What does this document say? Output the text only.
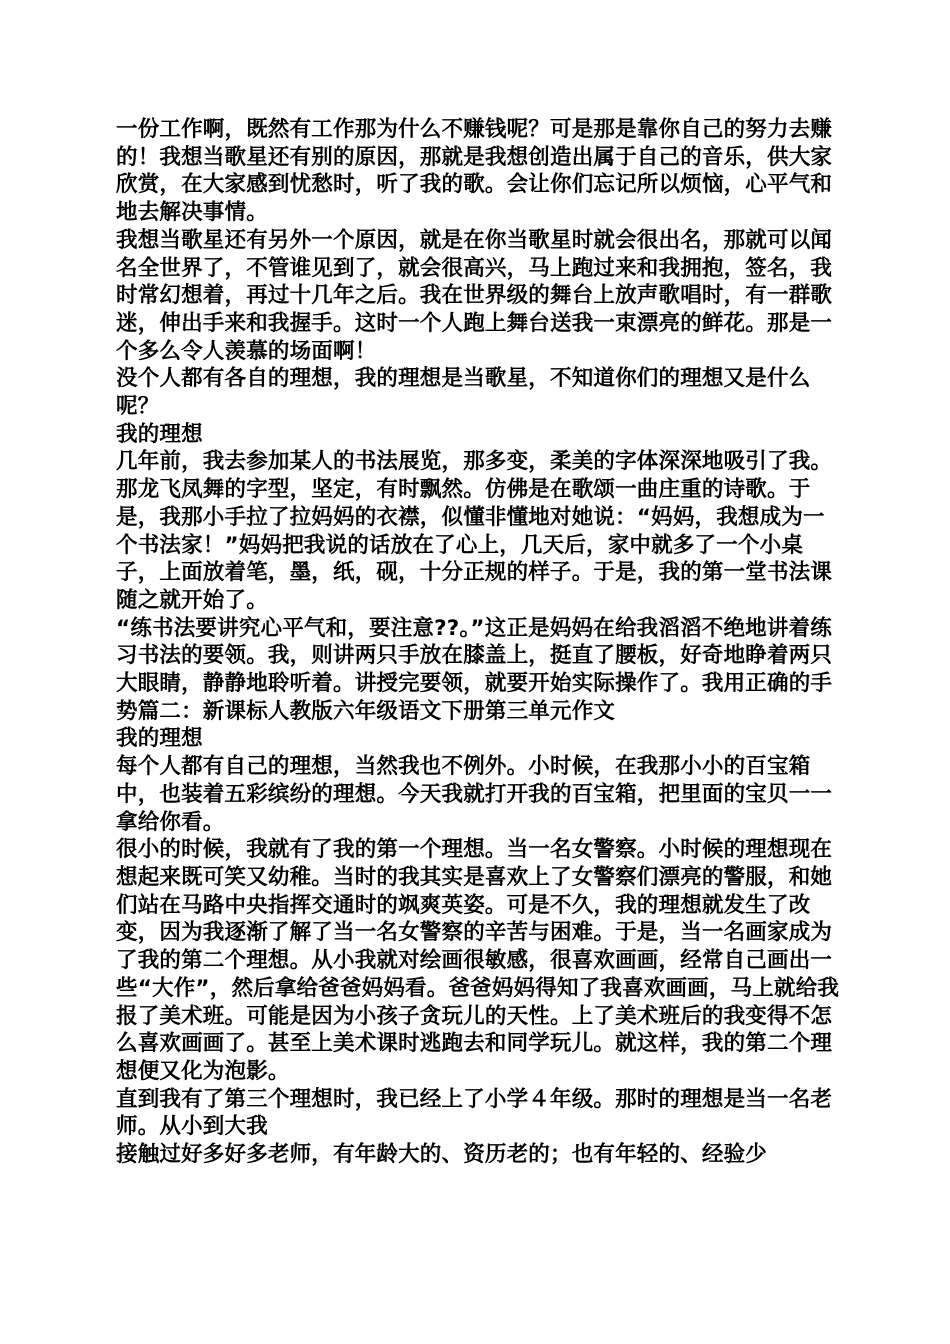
一份工作啊，既然有工作那为什么不赚钱呢？可是那是靠你自己的努力去赚的！我想当歌星还有别的原因，那就是我想创造出属于自己的音乐，供大家欣赏，在大家感到忧愁时，听了我的歌。会让你们忘记所以烦恼，心平气和地去解决事情。

我想当歌星还有另外一个原因，就是在你当歌星时就会很出名，那就可以闻名全世界了，不管谁见到了，就会很高兴，马上跑过来和我拥抱，签名，我时常幻想着，再过十几年之后。我在世界级的舞台上放声歌唱时，有一群歌迷，伸出手来和我握手。这时一个人跑上舞台送我一束漂亮的鲜花。那是一个多么令人羡慕的场面啊！

没个人都有各自的理想，我的理想是当歌星，不知道你们的理想又是什么呢？

我的理想

几年前，我去参加某人的书法展览，那多变，柔美的字体深深地吸引了我。那龙飞凤舞的字型，坚定，有时飘然。仿佛是在歌颂一曲庄重的诗歌。于是，我那小手拉了拉妈妈的衣襟，似懂非懂地对她说：“妈妈，我想成为一个书法家！”妈妈把我说的话放在了心上，几天后，家中就多了一个小桌子，上面放着笔，墨，纸，砚，十分正规的样子。于是，我的第一堂书法课随之就开始了。

“练书法要讲究心平气和，要注意??。”这正是妈妈在给我滔滔不绝地讲着练习书法的要领。我，则讲两只手放在膝盖上，挺直了腰板，好奇地睁着两只大眼睛，静静地聆听着。讲授完要领，就要开始实际操作了。我用正确的手势篇二：新课标人教版六年级语文下册第三单元作文

我的理想

每个人都有自己的理想，当然我也不例外。小时候，在我那小小的百宝箱中，也装着五彩缤纷的理想。今天我就打开我的百宝箱，把里面的宝贝一一拿给你看。

很小的时候，我就有了我的第一个理想。当一名女警察。小时候的理想现在想起来既可笑又幼稚。当时的我其实是喜欢上了女警察们漂亮的警服，和她们站在马路中央指挥交通时的飒爽英姿。可是不久，我的理想就发生了改变，因为我逐渐了解了当一名女警察的辛苦与困难。于是，当一名画家成为了我的第二个理想。从小我就对绘画很敏感，很喜欢画画，经常自己画出一些“大作”，然后拿给爸爸妈妈看。爸爸妈妈得知了我喜欢画画，马上就给我报了美术班。可能是因为小孩子贪玩儿的天性。上了美术班后的我变得不怎么喜欢画画了。甚至上美术课时逃跑去和同学玩儿。就这样，我的第二个理想便又化为泡影。

直到我有了第三个理想时，我已经上了小学４年级。那时的理想是当一名老师。从小到大我

接触过好多好多老师，有年龄大的、资历老的；也有年轻的、经验少
